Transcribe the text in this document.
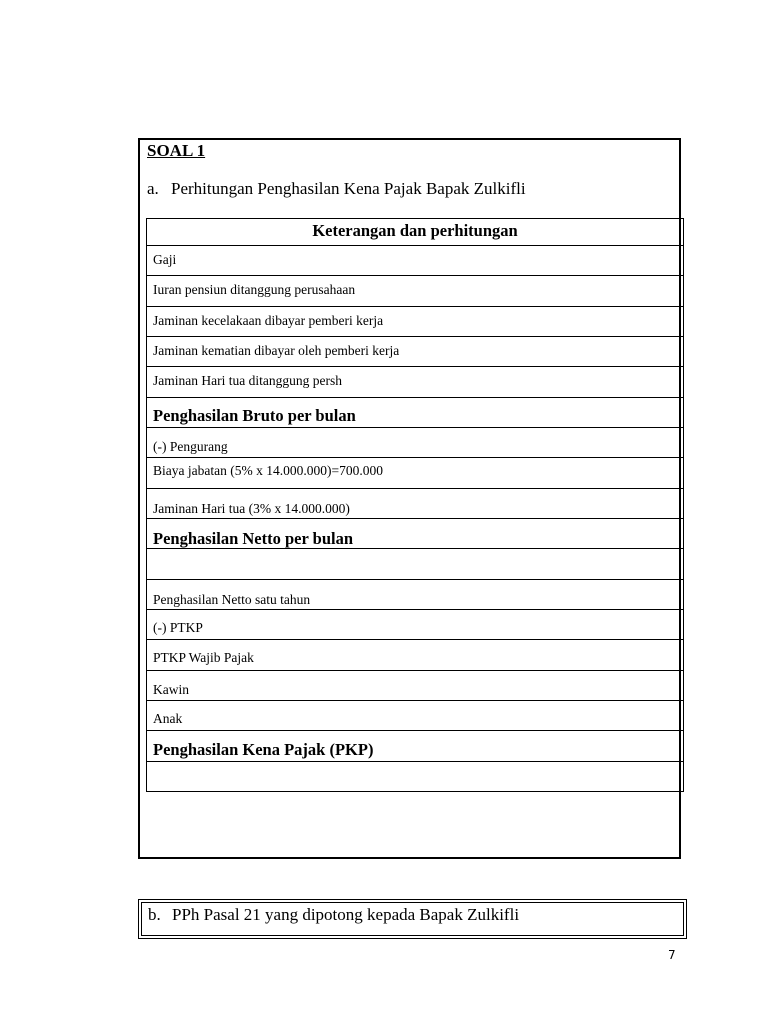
SOAL 1
a. Perhitungan Penghasilan Kena Pajak Bapak Zulkifli
Keterangan dan perhitungan
Gaji
Iuran pensiun ditanggung perusahaan
Jaminan kecelakaan dibayar pemberi kerja
Jaminan kematian dibayar oleh pemberi kerja
Jaminan Hari tua ditanggung persh
Penghasilan Bruto per bulan
(-) Pengurang
Biaya jabatan (5% x 14.000.000)=700.000
Jaminan Hari tua (3% x 14.000.000)
Penghasilan Netto per bulan
Penghasilan Netto satu tahun
(-) PTKP
PTKP Wajib Pajak
Kawin
Anak
Penghasilan Kena Pajak (PKP)
b. PPh Pasal 21 yang dipotong kepada Bapak Zulkifli
7
